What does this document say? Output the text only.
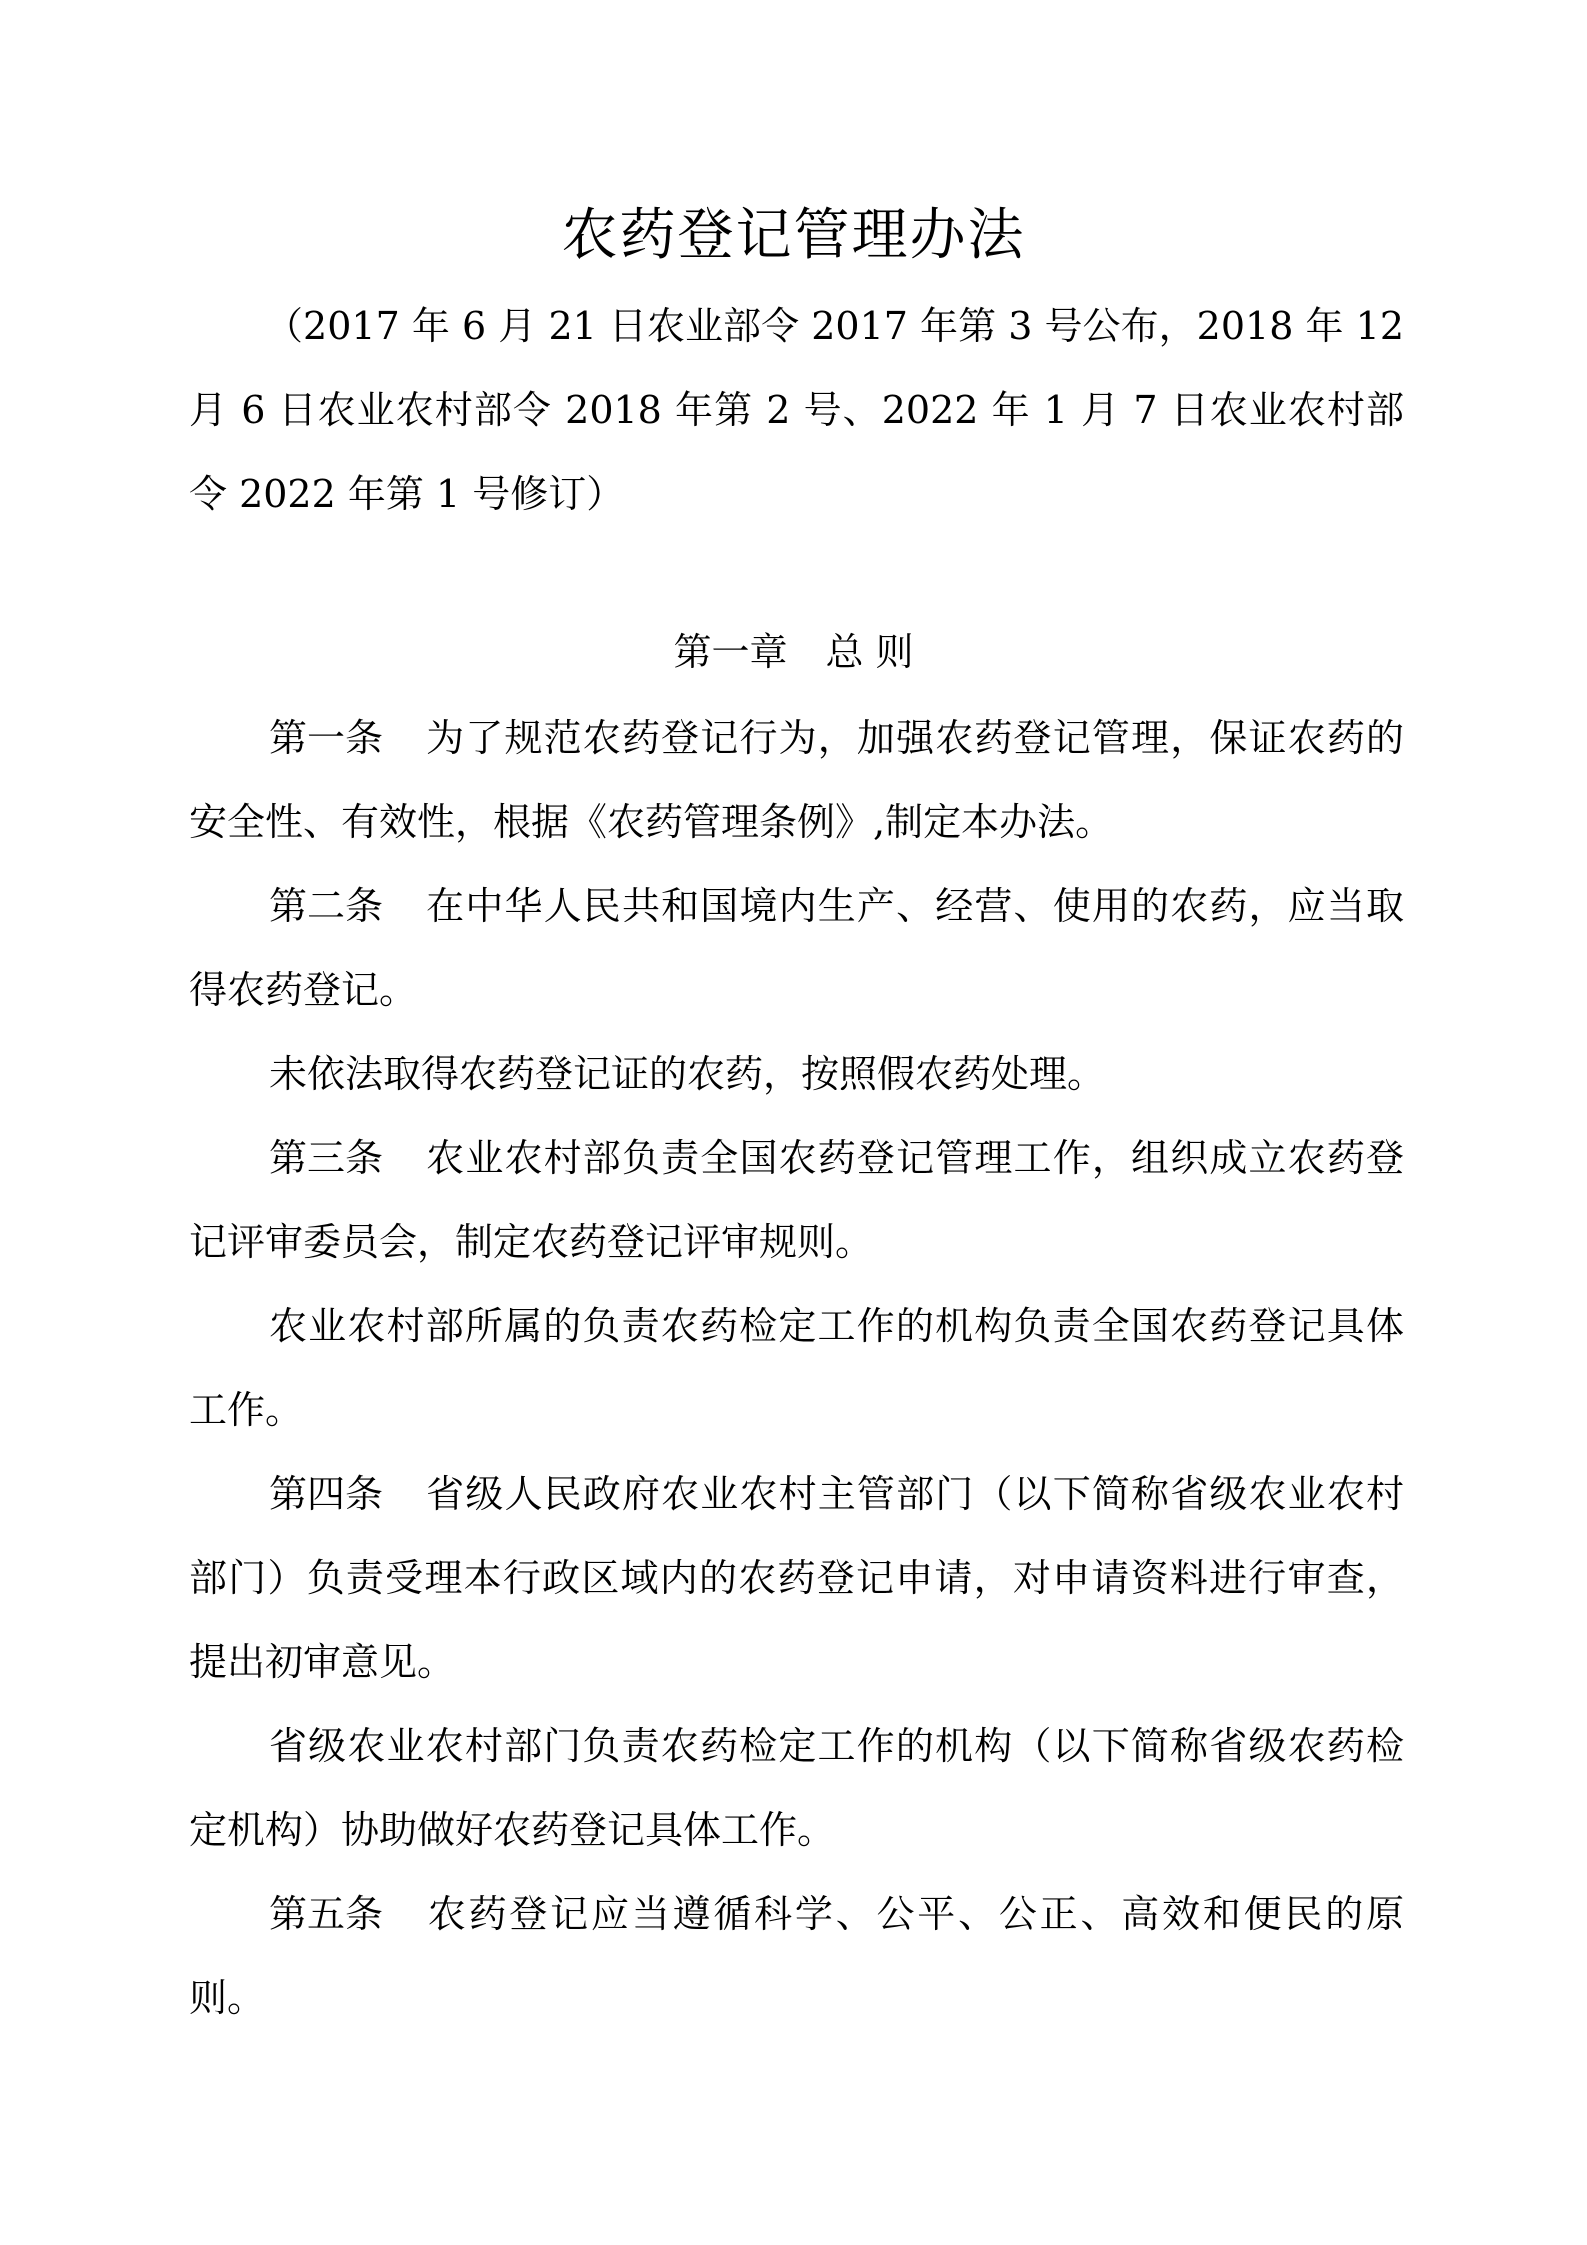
农药登记管理办法

（2017 年 6 月 21 日农业部令 2017 年第 3 号公布，2018 年 12 月 6 日农业农村部令 2018 年第 2 号、2022 年 1 月 7 日农业农村部令 2022 年第 1 号修订）

第一章 总 则

第一条 为了规范农药登记行为，加强农药登记管理，保证农药的安全性、有效性，根据《农药管理条例》,制定本办法。

第二条 在中华人民共和国境内生产、经营、使用的农药，应当取得农药登记。

未依法取得农药登记证的农药，按照假农药处理。

第三条 农业农村部负责全国农药登记管理工作，组织成立农药登记评审委员会，制定农药登记评审规则。

农业农村部所属的负责农药检定工作的机构负责全国农药登记具体工作。

第四条 省级人民政府农业农村主管部门（以下简称省级农业农村部门）负责受理本行政区域内的农药登记申请，对申请资料进行审查，提出初审意见。

省级农业农村部门负责农药检定工作的机构（以下简称省级农药检定机构）协助做好农药登记具体工作。

第五条 农药登记应当遵循科学、公平、公正、高效和便民的原则。
